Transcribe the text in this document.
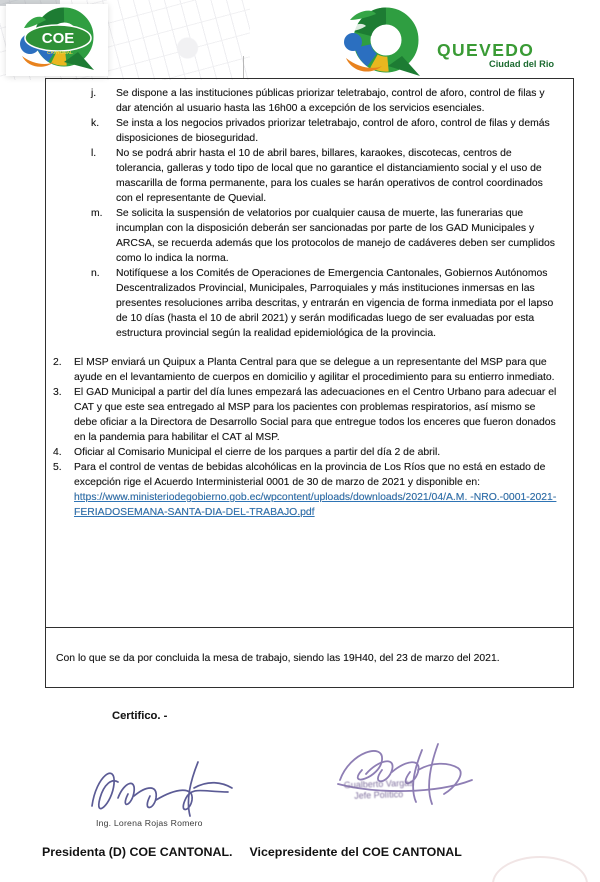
COE
CANTONAL	QUEVEDO
Ciudad del Rio
j. Se dispone a las instituciones públicas priorizar teletrabajo, control de aforo, control de filas y dar atención al usuario hasta las 16h00 a excepción de los servicios esenciales.
k. Se insta a los negocios privados priorizar teletrabajo, control de aforo, control de filas y demás disposiciones de bioseguridad.
l. No se podrá abrir hasta el 10 de abril bares, billares, karaokes, discotecas, centros de tolerancia, galleras y todo tipo de local que no garantice el distanciamiento social y el uso de mascarilla de forma permanente, para los cuales se harán operativos de control coordinados con el representante de Quevial.
m. Se solicita la suspensión de velatorios por cualquier causa de muerte, las funerarias que incumplan con la disposición deberán ser sancionadas por parte de los GAD Municipales y ARCSA, se recuerda además que los protocolos de manejo de cadáveres deben ser cumplidos como lo indica la norma.
n. Notifíquese a los Comités de Operaciones de Emergencia Cantonales, Gobiernos Autónomos Descentralizados Provincial, Municipales, Parroquiales y más instituciones inmersas en las presentes resoluciones arriba descritas, y entrarán en vigencia de forma inmediata por el lapso de 10 días (hasta el 10 de abril 2021) y serán modificadas luego de ser evaluadas por esta estructura provincial según la realidad epidemiológica de la provincia.
2. El MSP enviará un Quipux a Planta Central para que se delegue a un representante del MSP para que ayude en el levantamiento de cuerpos en domicilio y agilitar el procedimiento para su entierro inmediato.
3. El GAD Municipal a partir del día lunes empezará las adecuaciones en el Centro Urbano para adecuar el CAT y que este sea entregado al MSP para los pacientes con problemas respiratorios, así mismo se debe oficiar a la Directora de Desarrollo Social para que entregue todos los enceres que fueron donados en la pandemia para habilitar el CAT al MSP.
4. Oficiar al Comisario Municipal el cierre de los parques a partir del día 2 de abril.
5. Para el control de ventas de bebidas alcohólicas en la provincia de Los Ríos que no está en estado de excepción rige el Acuerdo Interministerial 0001 de 30 de marzo de 2021 y disponible en:
https://www.ministeriodegobierno.gob.ec/wpcontent/uploads/downloads/2021/04/A.M. -NRO.-0001-2021-FERIADOSEMANA-SANTA-DIA-DEL-TRABAJO.pdf
Con lo que se da por concluida la mesa de trabajo, siendo las 19H40, del 23 de marzo del 2021.
Certifico. -
Gualberto Vargas
Jefe Político
Ing. Lorena Rojas Romero
Presidenta (D) COE CANTONAL. Vicepresidente del COE CANTONAL
